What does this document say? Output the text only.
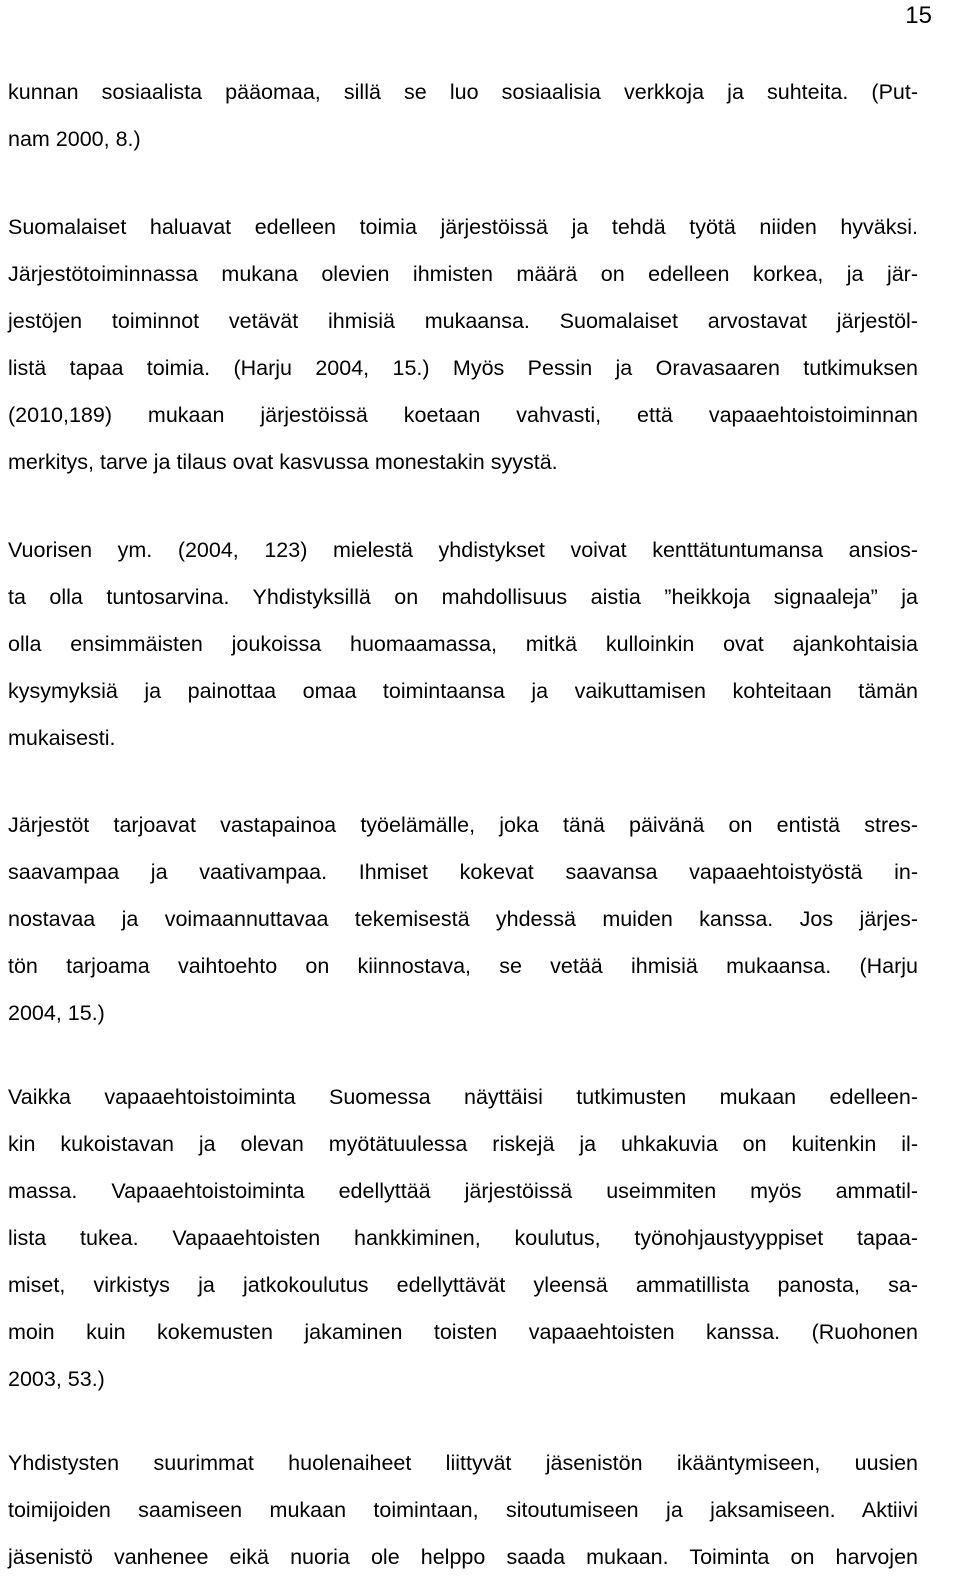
15
kunnan sosiaalista pääomaa, sillä se luo sosiaalisia verkkoja ja suhteita. (Put-
nam 2000, 8.)
Suomalaiset haluavat edelleen toimia järjestöissä ja tehdä työtä niiden hyväksi.
Järjestötoiminnassa mukana olevien ihmisten määrä on edelleen korkea, ja jär-
jestöjen toiminnot vetävät ihmisiä mukaansa. Suomalaiset arvostavat järjestöl-
listä tapaa toimia. (Harju 2004, 15.) Myös Pessin ja Oravasaaren tutkimuksen
(2010,189) mukaan järjestöissä koetaan vahvasti, että vapaaehtoistoiminnan
merkitys, tarve ja tilaus ovat kasvussa monestakin syystä.
Vuorisen ym. (2004, 123) mielestä yhdistykset voivat kenttätuntumansa ansios-
ta olla tuntosarvina. Yhdistyksillä on mahdollisuus aistia ”heikkoja signaaleja” ja
olla ensimmäisten joukoissa huomaamassa, mitkä kulloinkin ovat ajankohtaisia
kysymyksiä ja painottaa omaa toimintaansa ja vaikuttamisen kohteitaan tämän
mukaisesti.
Järjestöt tarjoavat vastapainoa työelämälle, joka tänä päivänä on entistä stres-
saavampaa ja vaativampaa. Ihmiset kokevat saavansa vapaaehtoistyöstä in-
nostavaa ja voimaannuttavaa tekemisestä yhdessä muiden kanssa. Jos järjes-
tön tarjoama vaihtoehto on kiinnostava, se vetää ihmisiä mukaansa. (Harju
2004, 15.)
Vaikka vapaaehtoistoiminta Suomessa näyttäisi tutkimusten mukaan edelleen-
kin kukoistavan ja olevan myötätuulessa riskejä ja uhkakuvia on kuitenkin il-
massa. Vapaaehtoistoiminta edellyttää järjestöissä useimmiten myös ammatil-
lista tukea. Vapaaehtoisten hankkiminen, koulutus, työnohjaustyyppiset tapaa-
miset, virkistys ja jatkokoulutus edellyttävät yleensä ammatillista panosta, sa-
moin kuin kokemusten jakaminen toisten vapaaehtoisten kanssa. (Ruohonen
2003, 53.)
Yhdistysten suurimmat huolenaiheet liittyvät jäsenistön ikääntymiseen, uusien
toimijoiden saamiseen mukaan toimintaan, sitoutumiseen ja jaksamiseen. Aktiivi
jäsenistö vanhenee eikä nuoria ole helppo saada mukaan. Toiminta on harvojen
